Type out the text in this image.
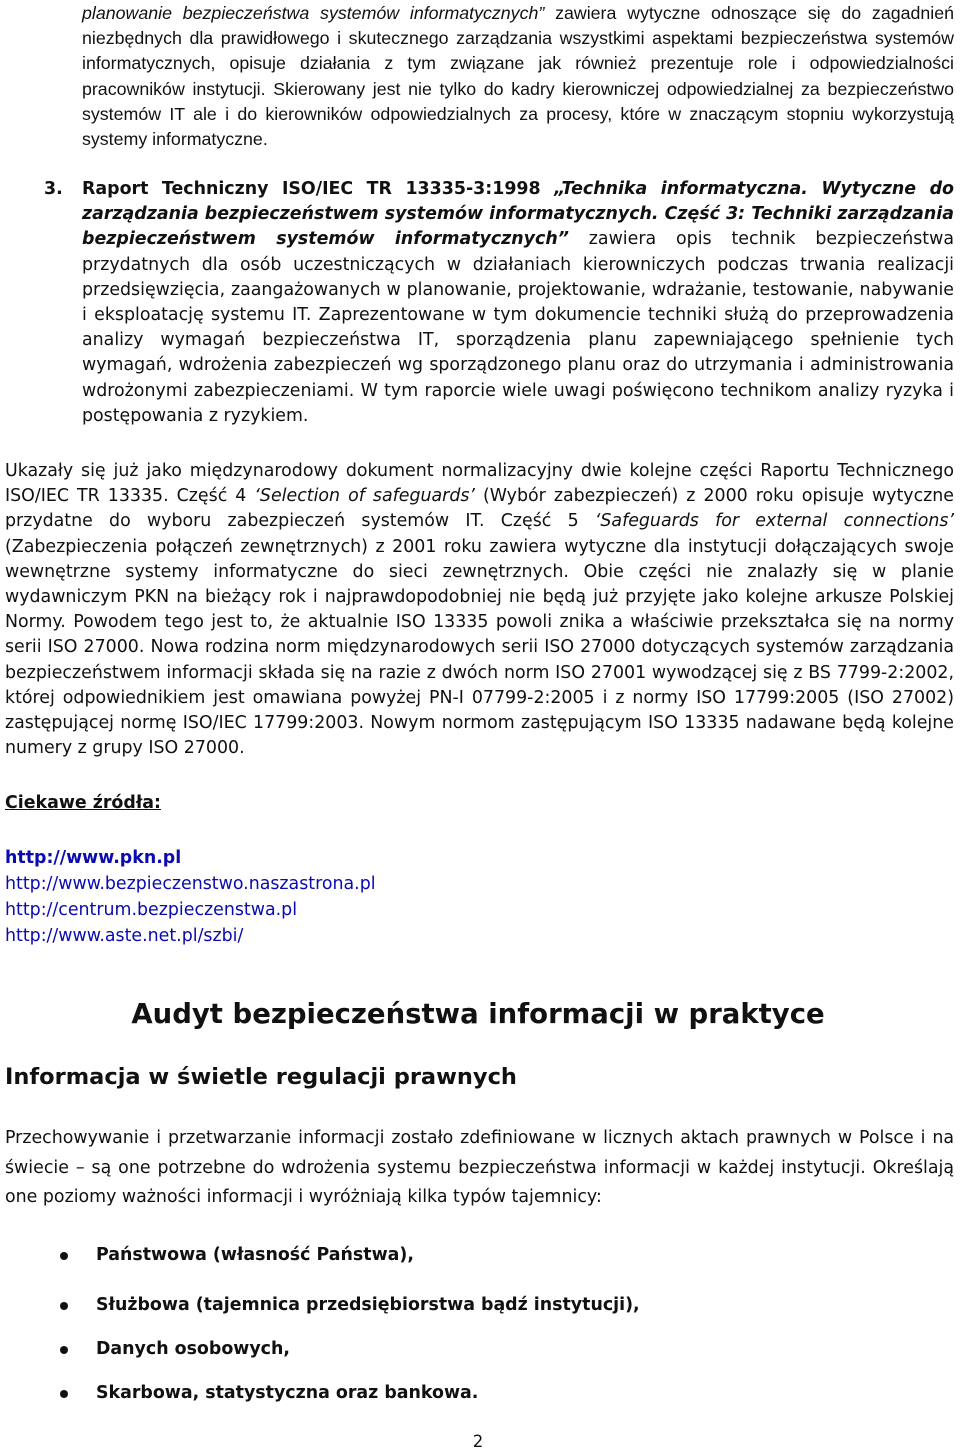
planowanie bezpieczeństwa systemów informatycznych” zawiera wytyczne odnoszące się do zagadnień niezbędnych dla prawidłowego i skutecznego zarządzania wszystkimi aspektami bezpieczeństwa systemów informatycznych, opisuje działania z tym związane jak również prezentuje role i odpowiedzialności pracowników instytucji. Skierowany jest nie tylko do kadry kierowniczej odpowiedzialnej za bezpieczeństwo systemów IT ale i do kierowników odpowiedzialnych za procesy, które w znaczącym stopniu wykorzystują systemy informatyczne.

3. Raport Techniczny ISO/IEC TR 13335-3:1998 „Technika informatyczna. Wytyczne do zarządzania bezpieczeństwem systemów informatycznych. Część 3: Techniki zarządzania bezpieczeństwem systemów informatycznych” zawiera opis technik bezpieczeństwa przydatnych dla osób uczestniczących w działaniach kierowniczych podczas trwania realizacji przedsięwzięcia, zaangażowanych w planowanie, projektowanie, wdrażanie, testowanie, nabywanie i eksploatację systemu IT. Zaprezentowane w tym dokumencie techniki służą do przeprowadzenia analizy wymagań bezpieczeństwa IT, sporządzenia planu zapewniającego spełnienie tych wymagań, wdrożenia zabezpieczeń wg sporządzonego planu oraz do utrzymania i administrowania wdrożonymi zabezpieczeniami. W tym raporcie wiele uwagi poświęcono technikom analizy ryzyka i postępowania z ryzykiem.

Ukazały się już jako międzynarodowy dokument normalizacyjny dwie kolejne części Raportu Technicznego ISO/IEC TR 13335. Część 4 ‘Selection of safeguards’ (Wybór zabezpieczeń) z 2000 roku opisuje wytyczne przydatne do wyboru zabezpieczeń systemów IT. Część 5 ‘Safeguards for external connections’ (Zabezpieczenia połączeń zewnętrznych) z 2001 roku zawiera wytyczne dla instytucji dołączających swoje wewnętrzne systemy informatyczne do sieci zewnętrznych. Obie części nie znalazły się w planie wydawniczym PKN na bieżący rok i najprawdopodobniej nie będą już przyjęte jako kolejne arkusze Polskiej Normy. Powodem tego jest to, że aktualnie ISO 13335 powoli znika a właściwie przekształca się na normy serii ISO 27000. Nowa rodzina norm międzynarodowych serii ISO 27000 dotyczących systemów zarządzania bezpieczeństwem informacji składa się na razie z dwóch norm ISO 27001 wywodzącej się z BS 7799-2:2002, której odpowiednikiem jest omawiana powyżej PN-I 07799-2:2005 i z normy ISO 17799:2005 (ISO 27002) zastępującej normę ISO/IEC 17799:2003. Nowym normom zastępującym ISO 13335 nadawane będą kolejne numery z grupy ISO 27000.

Ciekawe źródła:
http://www.pkn.pl
http://www.bezpieczenstwo.naszastrona.pl
http://centrum.bezpieczenstwa.pl
http://www.aste.net.pl/szbi/
Audyt bezpieczeństwa informacji w praktyce
Informacja w świetle regulacji prawnych

Przechowywanie i przetwarzanie informacji zostało zdefiniowane w licznych aktach prawnych w Polsce i na świecie – są one potrzebne do wdrożenia systemu bezpieczeństwa informacji w każdej instytucji. Określają one poziomy ważności informacji i wyróżniają kilka typów tajemnicy:

Państwowa (własność Państwa),
Służbowa (tajemnica przedsiębiorstwa bądź instytucji),
Danych osobowych,
Skarbowa, statystyczna oraz bankowa.
2
